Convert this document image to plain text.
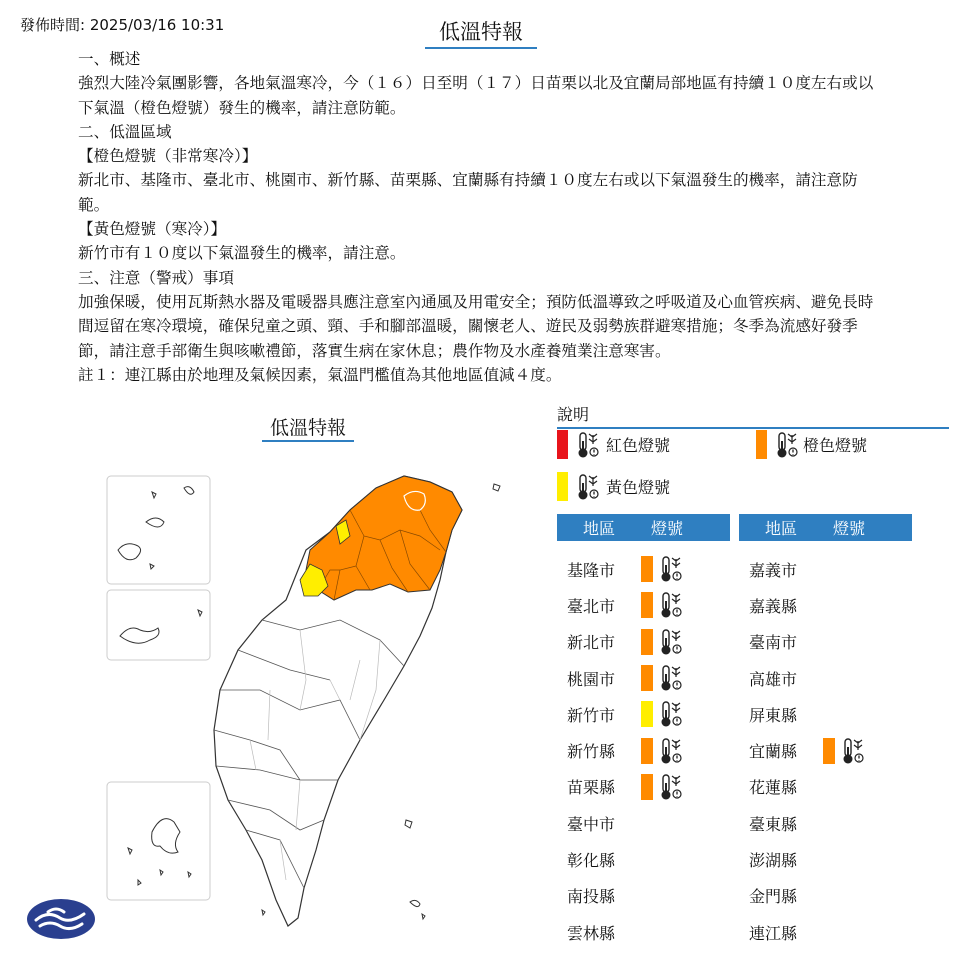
發佈時間: 2025/03/16 10:31	低溫特報
一、概述
強烈大陸冷氣團影響，各地氣溫寒冷，今（１６）日至明（１７）日苗栗以北及宜蘭局部地區有持續１０度左右或以下氣溫（橙色燈號）發生的機率，請注意防範。
二、低溫區域
【橙色燈號（非常寒冷）】
新北市、基隆市、臺北市、桃園市、新竹縣、苗栗縣、宜蘭縣有持續１０度左右或以下氣溫發生的機率，請注意防範。
【黃色燈號（寒冷）】
新竹市有１０度以下氣溫發生的機率，請注意。
三、注意（警戒）事項
加強保暖，使用瓦斯熱水器及電暖器具應注意室內通風及用電安全；預防低溫導致之呼吸道及心血管疾病、避免長時間逗留在寒冷環境，確保兒童之頭、頸、手和腳部溫暖，關懷老人、遊民及弱勢族群避寒措施；冬季為流感好發季節，請注意手部衛生與咳嗽禮節，落實生病在家休息；農作物及水產養殖業注意寒害。
註１：連江縣由於地理及氣候因素，氣溫門檻值為其他地區值減４度。
低溫特報
說明
紅色燈號	橙色燈號
黃色燈號
地區	燈號
基隆市
臺北市
新北市
桃園市
新竹市
新竹縣
苗栗縣
臺中市
彰化縣
南投縣
雲林縣
地區	燈號
嘉義市
嘉義縣
臺南市
高雄市
屏東縣
宜蘭縣
花蓮縣
臺東縣
澎湖縣
金門縣
連江縣
